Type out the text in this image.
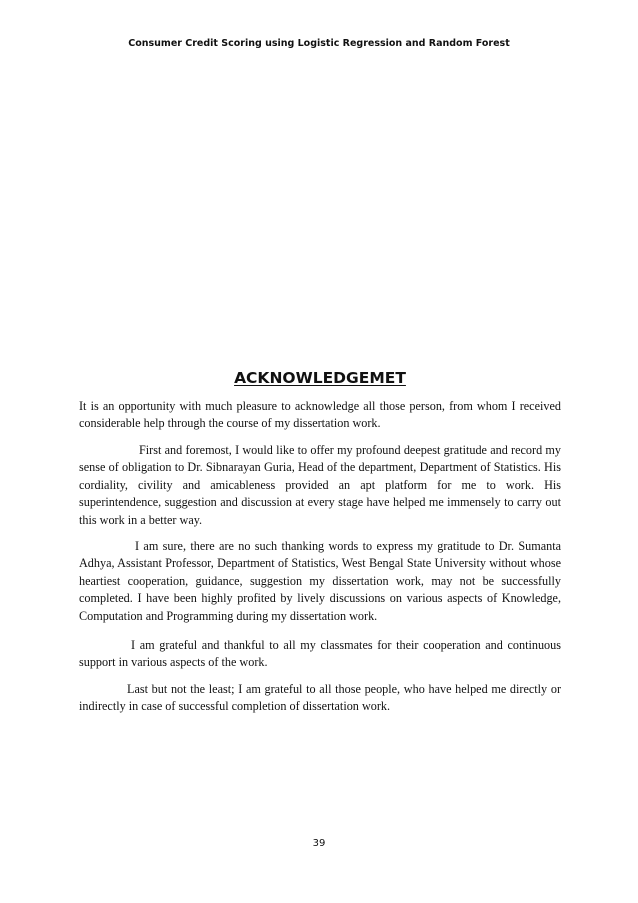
Consumer Credit Scoring using Logistic Regression and Random Forest
ACKNOWLEDGEMET

It is an opportunity with much pleasure to acknowledge all those person, from whom I received considerable help through the course of my dissertation work.

First and foremost, I would like to offer my profound deepest gratitude and record my sense of obligation to Dr. Sibnarayan Guria, Head of the department, Department of Statistics. His cordiality, civility and amicableness provided an apt platform for me to work. His superintendence, suggestion and discussion at every stage have helped me immensely to carry out this work in a better way.

I am sure, there are no such thanking words to express my gratitude to Dr. Sumanta Adhya, Assistant Professor, Department of Statistics, West Bengal State University without whose heartiest cooperation, guidance, suggestion my dissertation work, may not be successfully completed. I have been highly profited by lively discussions on various aspects of Knowledge, Computation and Programming during my dissertation work.

I am grateful and thankful to all my classmates for their cooperation and continuous support in various aspects of the work.

Last but not the least; I am grateful to all those people, who have helped me directly or indirectly in case of successful completion of dissertation work.

39
